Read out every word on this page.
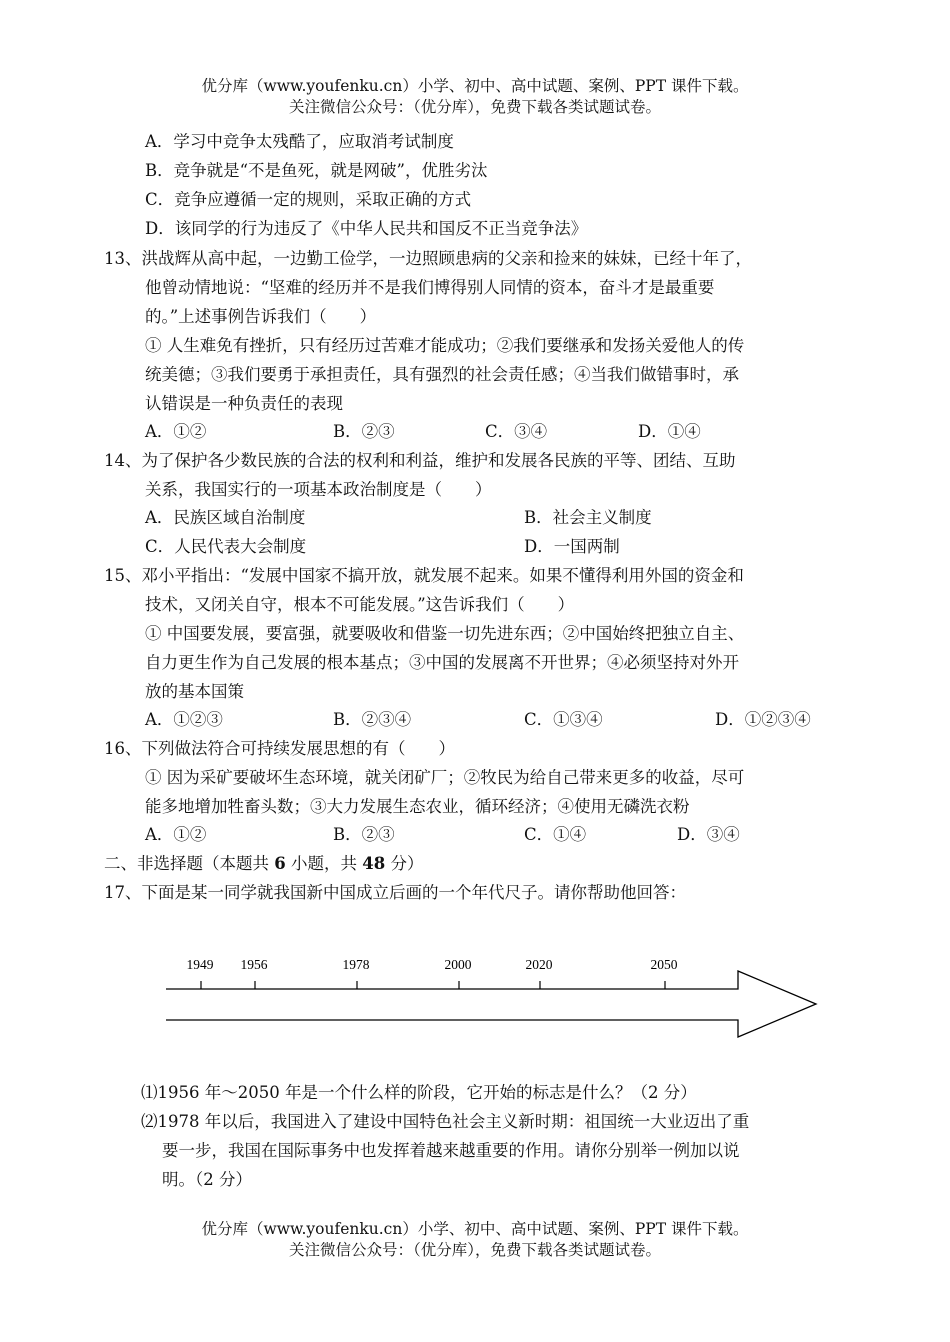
优分库（www.youfenku.cn）小学、初中、高中试题、案例、PPT 课件下载。
关注微信公众号：（优分库），免费下载各类试题试卷。
A．学习中竞争太残酷了，应取消考试制度
B．竞争就是“不是鱼死，就是网破”，优胜劣汰
C．竞争应遵循一定的规则，采取正确的方式
D．该同学的行为违反了《中华人民共和国反不正当竞争法》
13、洪战辉从高中起，一边勤工俭学，一边照顾患病的父亲和捡来的妹妹，已经十年了，
他曾动情地说：“坚难的经历并不是我们博得别人同情的资本，奋斗才是最重要
的。”上述事例告诉我们（　　）
① 人生难免有挫折，只有经历过苦难才能成功；②我们要继承和发扬关爱他人的传
统美德；③我们要勇于承担责任，具有强烈的社会责任感；④当我们做错事时，承
认错误是一种负责任的表现
A．①②	B．②③	C．③④	D．①④
14、为了保护各少数民族的合法的权利和利益，维护和发展各民族的平等、团结、互助
关系，我国实行的一项基本政治制度是（　　）
A．民族区域自治制度	B．社会主义制度
C．人民代表大会制度	D．一国两制
15、邓小平指出：“发展中国家不搞开放，就发展不起来。如果不懂得利用外国的资金和
技术，又闭关自守，根本不可能发展。”这告诉我们（　　）
① 中国要发展，要富强，就要吸收和借鉴一切先进东西；②中国始终把独立自主、
自力更生作为自己发展的根本基点；③中国的发展离不开世界；④必须坚持对外开
放的基本国策
A．①②③	B．②③④	C．①③④	D．①②③④
16、下列做法符合可持续发展思想的有（　　）
① 因为采矿要破坏生态环境，就关闭矿厂；②牧民为给自己带来更多的收益，尽可
能多地增加牲畜头数；③大力发展生态农业，循环经济；④使用无磷洗衣粉
A．①②	B．②③	C．①④	D．③④
二、非选择题（本题共 6 小题，共 48 分）
17、下面是某一同学就我国新中国成立后画的一个年代尺子。请你帮助他回答：
1949 1956	1978	2000	2020	2050
⑴1956 年～2050 年是一个什么样的阶段，它开始的标志是什么？（2 分）
⑵1978 年以后，我国进入了建设中国特色社会主义新时期：祖国统一大业迈出了重
要一步，我国在国际事务中也发挥着越来越重要的作用。请你分别举一例加以说
明。（2 分）
优分库（www.youfenku.cn）小学、初中、高中试题、案例、PPT 课件下载。
关注微信公众号：（优分库），免费下载各类试题试卷。
